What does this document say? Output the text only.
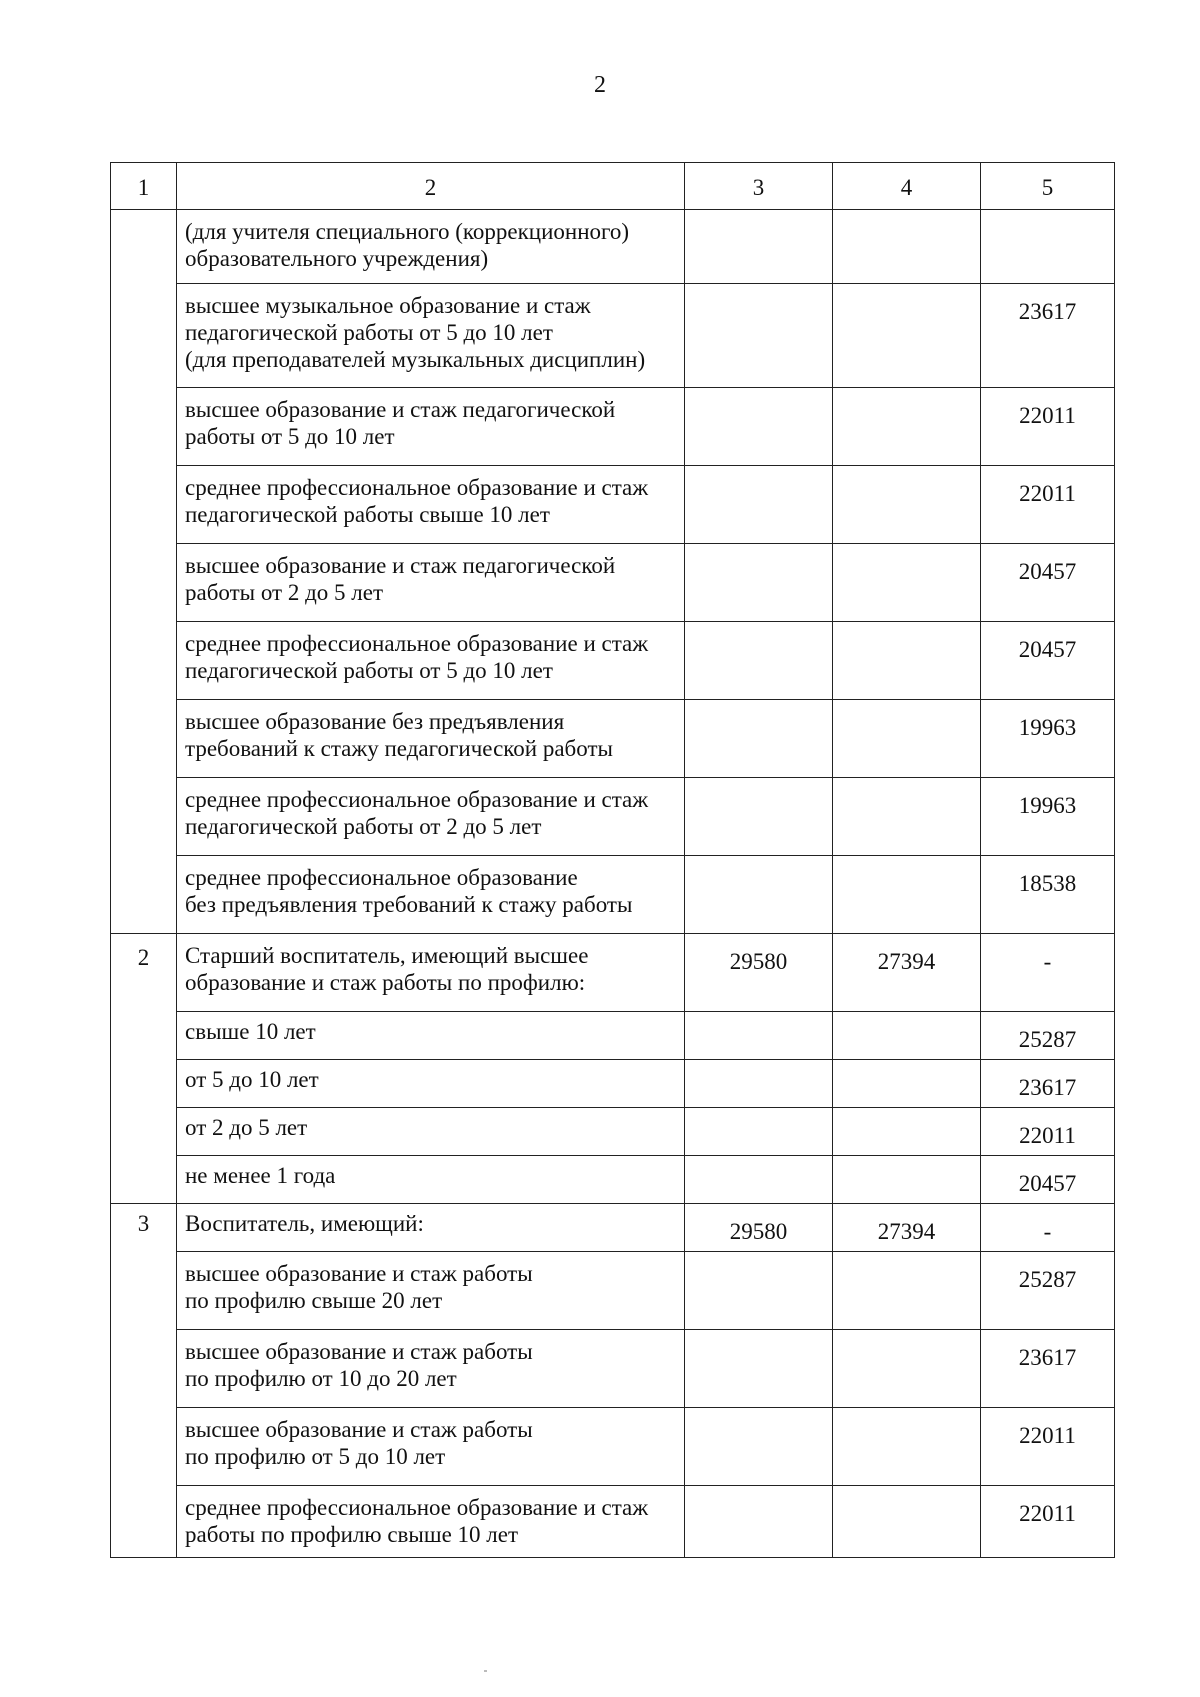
2
1	2	3	4	5
	(для учителя специального (коррекционного)
образовательного учреждения)			
	высшее музыкальное образование и стаж
педагогической работы от 5 до 10 лет
(для преподавателей музыкальных дисциплин)			23617
	высшее образование и стаж педагогической
работы от 5 до 10 лет			22011
	среднее профессиональное образование и стаж
педагогической работы свыше 10 лет			22011
	высшее образование и стаж педагогической
работы от 2 до 5 лет			20457
	среднее профессиональное образование и стаж
педагогической работы от 5 до 10 лет			20457
	высшее образование без предъявления
требований к стажу педагогической работы			19963
	среднее профессиональное образование и стаж
педагогической работы от 2 до 5 лет			19963
	среднее профессиональное образование
без предъявления требований к стажу работы			18538
2	Старший воспитатель, имеющий высшее
образование и стаж работы по профилю:	29580	27394	-
	свыше 10 лет			25287
	от 5 до 10 лет			23617
	от 2 до 5 лет			22011
	не менее 1 года			20457
3	Воспитатель, имеющий:	29580	27394	-
	высшее образование и стаж работы
по профилю свыше 20 лет			25287
	высшее образование и стаж работы
по профилю от 10 до 20 лет			23617
	высшее образование и стаж работы
по профилю от 5 до 10 лет			22011
	среднее профессиональное образование и стаж
работы по профилю свыше 10 лет			22011
